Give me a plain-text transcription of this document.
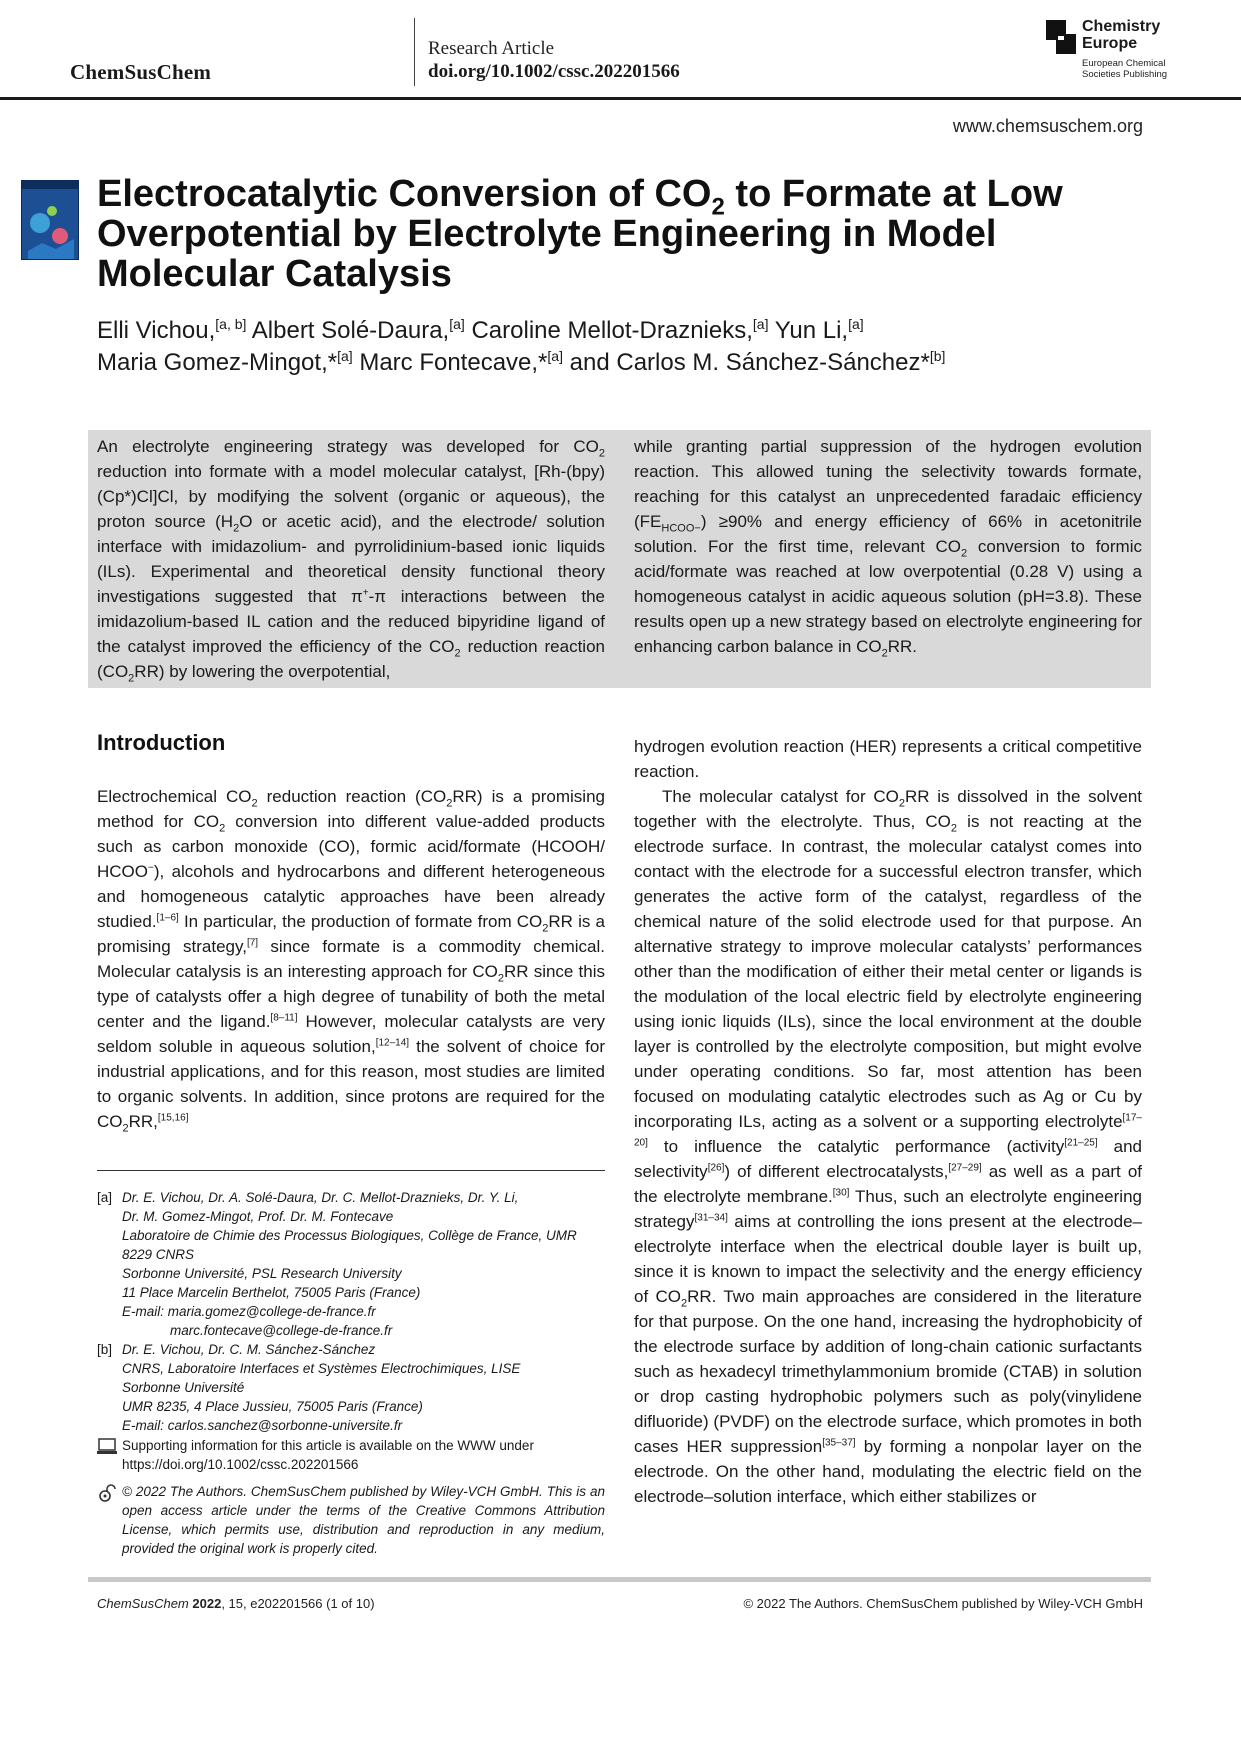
ChemSusChem
Research Article
doi.org/10.1002/cssc.202201566
Chemistry
Europe
European Chemical
Societies Publishing
www.chemsuschem.org
Electrocatalytic Conversion of $CO_2$ to Formate at Low Overpotential by Electrolyte Engineering in Model Molecular Catalysis
Elli Vichou,[a, b] Albert Solé-Daura,[a] Caroline Mellot-Draznieks,[a] Yun Li,[a]
Maria Gomez-Mingot,*[a] Marc Fontecave,*[a] and Carlos M. Sánchez-Sánchez*[b]
An electrolyte engineering strategy was developed for $CO_2$ reduction into formate with a model molecular catalyst, [Rh-(bpy)(Cp*)Cl]Cl, by modifying the solvent (organic or aqueous), the proton source ($H_2O$ or acetic acid), and the electrode/ solution interface with imidazolium- and pyrrolidinium-based ionic liquids (ILs). Experimental and theoretical density functional theory investigations suggested that π+-π interactions between the imidazolium-based IL cation and the reduced bipyridine ligand of the catalyst improved the efficiency of the $CO_2$ reduction reaction $(CO_2RR)$ by lowering the overpotential,
while granting partial suppression of the hydrogen evolution reaction. This allowed tuning the selectivity towards formate, reaching for this catalyst an unprecedented faradaic efficiency $(FE_{HCOO-}) \ge 90\%$ and energy efficiency of 66% in acetonitrile solution. For the first time, relevant $CO_2$ conversion to formic acid/formate was reached at low overpotential (0.28 V) using a homogeneous catalyst in acidic aqueous solution (pH=3.8). These results open up a new strategy based on electrolyte engineering for enhancing carbon balance in $CO_2RR$.
Introduction
Electrochemical $CO_2$ reduction reaction $(CO_2RR)$ is a promising method for $CO_2$ conversion into different value-added products such as carbon monoxide (CO), formic acid/formate (HCOOH/ HCOO−), alcohols and hydrocarbons and different heterogeneous and homogeneous catalytic approaches have been already studied.[1–6] In particular, the production of formate from $CO_2RR$ is a promising strategy,[7] since formate is a commodity chemical. Molecular catalysis is an interesting approach for $CO_2RR$ since this type of catalysts offer a high degree of tunability of both the metal center and the ligand.[8–11] However, molecular catalysts are very seldom soluble in aqueous solution,[12–14] the solvent of choice for industrial applications, and for this reason, most studies are limited to organic solvents. In addition, since protons are required for the $CO_2RR,[15,16]$

hydrogen evolution reaction (HER) represents a critical competitive reaction.

The molecular catalyst for $CO_2RR$ is dissolved in the solvent together with the electrolyte. Thus, $CO_2$ is not reacting at the electrode surface. In contrast, the molecular catalyst comes into contact with the electrode for a successful electron transfer, which generates the active form of the catalyst, regardless of the chemical nature of the solid electrode used for that purpose. An alternative strategy to improve molecular catalysts’ performances other than the modification of either their metal center or ligands is the modulation of the local electric field by electrolyte engineering using ionic liquids (ILs), since the local environment at the double layer is controlled by the electrolyte composition, but might evolve under operating conditions. So far, most attention has been focused on modulating catalytic electrodes such as Ag or Cu by incorporating ILs, acting as a solvent or a supporting electrolyte[17–20] to influence the catalytic performance (activity[21–25] and selectivity[26]) of different electrocatalysts,[27–29] as well as a part of the electrolyte membrane.[30] Thus, such an electrolyte engineering strategy[31–34] aims at controlling the ions present at the electrode–electrolyte interface when the electrical double layer is built up, since it is known to impact the selectivity and the energy efficiency of $CO_2RR$. Two main approaches are considered in the literature for that purpose. On the one hand, increasing the hydrophobicity of the electrode surface by addition of long-chain cationic surfactants such as hexadecyl trimethylammonium bromide (CTAB) in solution or drop casting hydrophobic polymers such as poly(vinylidene difluoride) (PVDF) on the electrode surface, which promotes in both cases HER suppression[35–37] by forming a nonpolar layer on the electrode. On the other hand, modulating the electric field on the electrode–solution interface, which either stabilizes or

[a] Dr. E. Vichou, Dr. A. Solé-Daura, Dr. C. Mellot-Draznieks, Dr. Y. Li,
Dr. M. Gomez-Mingot, Prof. Dr. M. Fontecave
Laboratoire de Chimie des Processus Biologiques, Collège de France, UMR 8229 CNRS
Sorbonne Université, PSL Research University
11 Place Marcelin Berthelot, 75005 Paris (France)
E-mail: maria.gomez@college-de-france.fr
marc.fontecave@college-de-france.fr
[b] Dr. E. Vichou, Dr. C. M. Sánchez-Sánchez
CNRS, Laboratoire Interfaces et Systèmes Electrochimiques, LISE
Sorbonne Université
UMR 8235, 4 Place Jussieu, 75005 Paris (France)
E-mail: carlos.sanchez@sorbonne-universite.fr
Supporting information for this article is available on the WWW under https://doi.org/10.1002/cssc.202201566
© 2022 The Authors. ChemSusChem published by Wiley-VCH GmbH. This is an open access article under the terms of the Creative Commons Attribution License, which permits use, distribution and reproduction in any medium, provided the original work is properly cited.
ChemSusChem 2022, 15, e202201566 (1 of 10)	© 2022 The Authors. ChemSusChem published by Wiley-VCH GmbH
